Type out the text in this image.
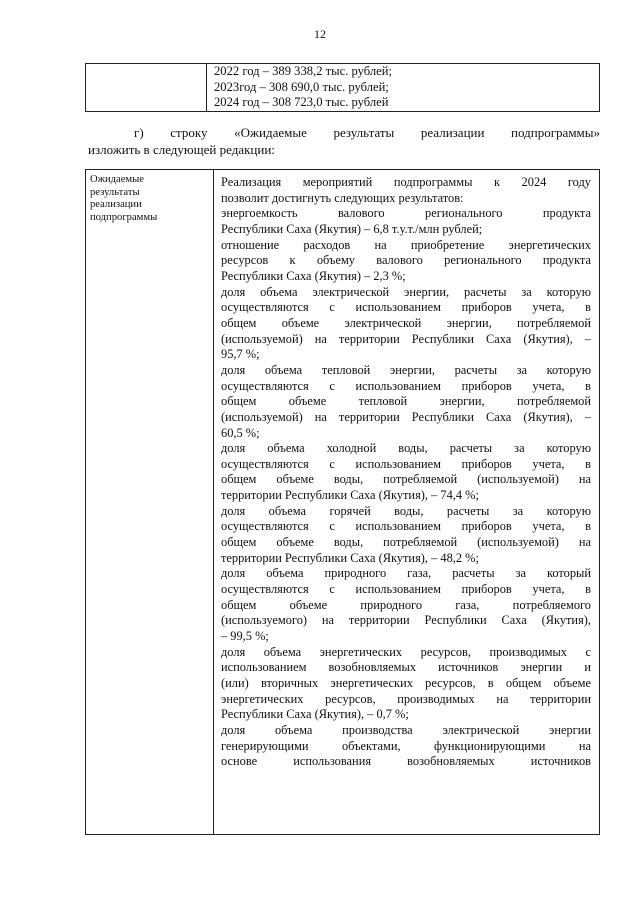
12

2022 год – 389 338,2 тыс. рублей;
2023год – 308 690,0 тыс. рублей;
2024 год – 308 723,0 тыс. рублей
г) строку «Ожидаемые результаты реализации подпрограммы»
изложить в следующей редакции:
Ожидаемые
результаты
реализации
подпрограммы

Реализация мероприятий подпрограммы к 2024 году
позволит достигнуть следующих результатов:
энергоемкость валового регионального продукта
Республики Саха (Якутия) – 6,8 т.у.т./млн рублей;
отношение расходов на приобретение энергетических
ресурсов к объему валового регионального продукта
Республики Саха (Якутия) – 2,3 %;
доля объема электрической энергии, расчеты за которую
осуществляются с использованием приборов учета, в
общем объеме электрической энергии, потребляемой
(используемой) на территории Республики Саха (Якутия), –
95,7 %;
доля объема тепловой энергии, расчеты за которую
осуществляются с использованием приборов учета, в
общем объеме тепловой энергии, потребляемой
(используемой) на территории Республики Саха (Якутия), –
60,5 %;
доля объема холодной воды, расчеты за которую
осуществляются с использованием приборов учета, в
общем объеме воды, потребляемой (используемой) на
территории Республики Саха (Якутия), – 74,4 %;
доля объема горячей воды, расчеты за которую
осуществляются с использованием приборов учета, в
общем объеме воды, потребляемой (используемой) на
территории Республики Саха (Якутия), – 48,2 %;
доля объема природного газа, расчеты за который
осуществляются с использованием приборов учета, в
общем объеме природного газа, потребляемого
(используемого) на территории Республики Саха (Якутия),
– 99,5 %;
доля объема энергетических ресурсов, производимых с
использованием возобновляемых источников энергии и
(или) вторичных энергетических ресурсов, в общем объеме
энергетических ресурсов, производимых на территории
Республики Саха (Якутия), – 0,7 %;
доля объема производства электрической энергии
генерирующими объектами, функционирующими на
основе использования возобновляемых источников
